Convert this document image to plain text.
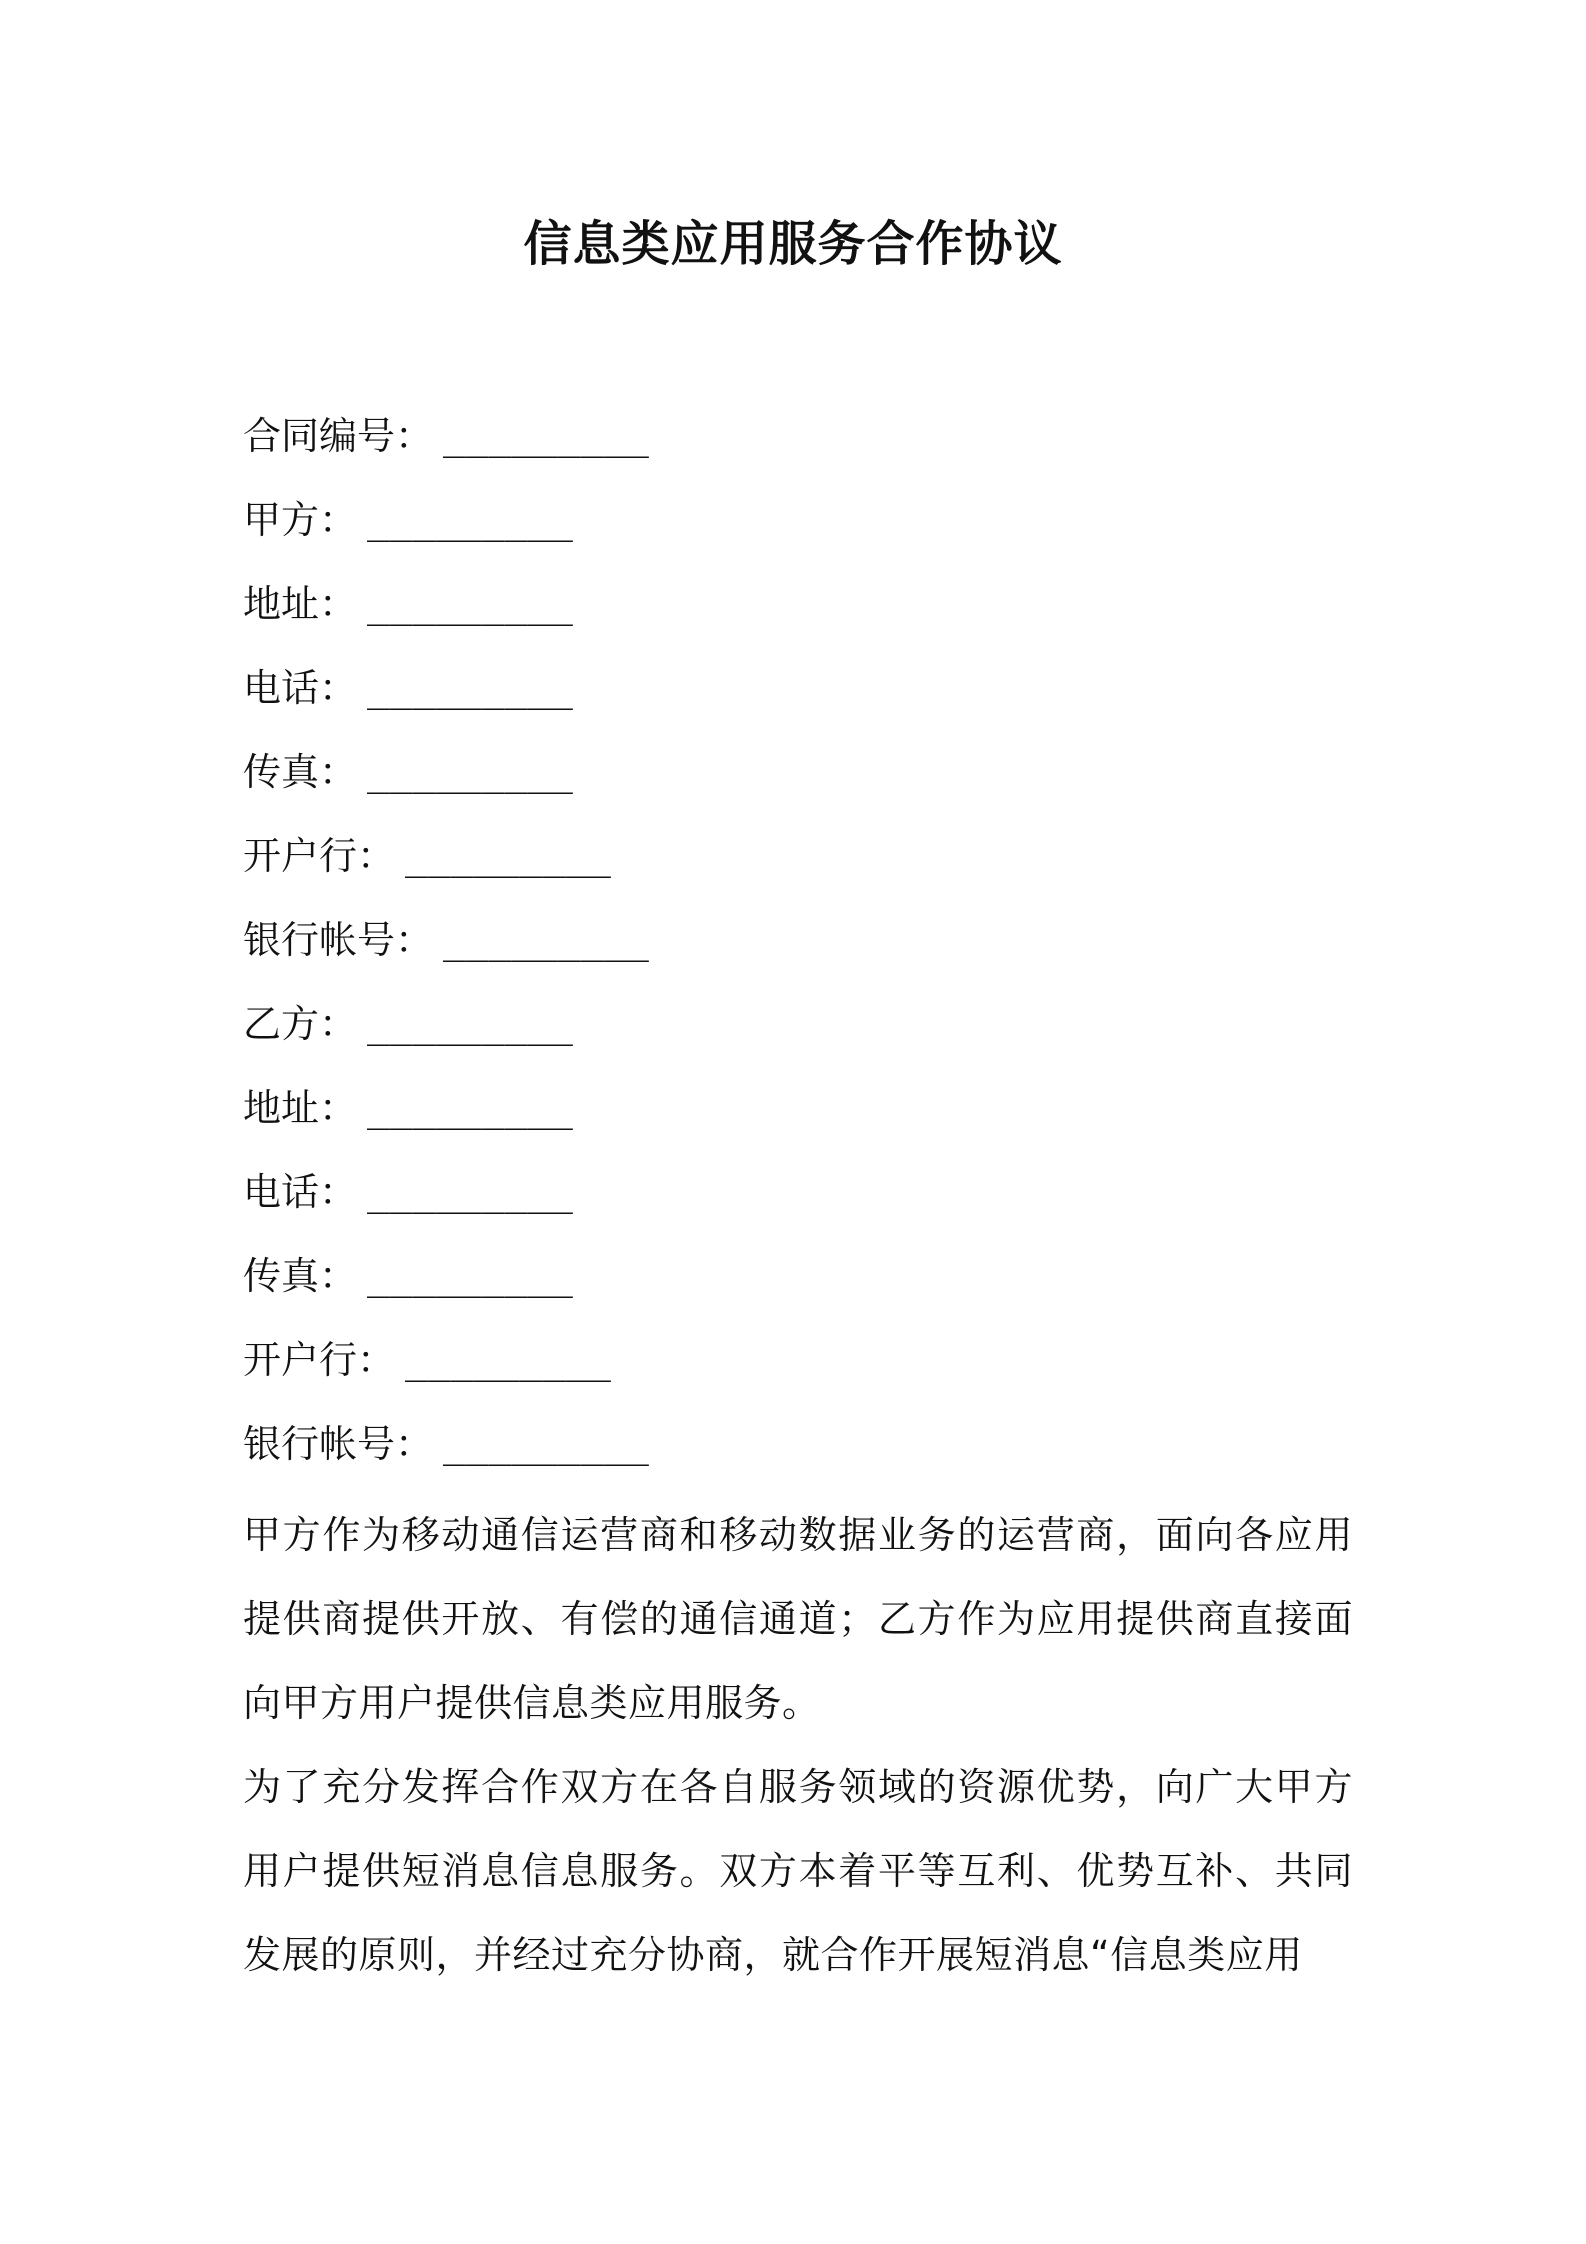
信息类应用服务合作协议
合同编号： _________
甲方： _________
地址： _________
电话： _________
传真： _________
开户行： _________
银行帐号： _________
乙方： _________
地址： _________
电话： _________
传真： _________
开户行： _________
银行帐号： _________

甲方作为移动通信运营商和移动数据业务的运营商，面向各应用提供商提供开放、有偿的通信通道；乙方作为应用提供商直接面向甲方用户提供信息类应用服务。

为了充分发挥合作双方在各自服务领域的资源优势，向广大甲方用户提供短消息信息服务。双方本着平等互利、优势互补、共同发展的原则，并经过充分协商，就合作开展短消息“信息类应用
